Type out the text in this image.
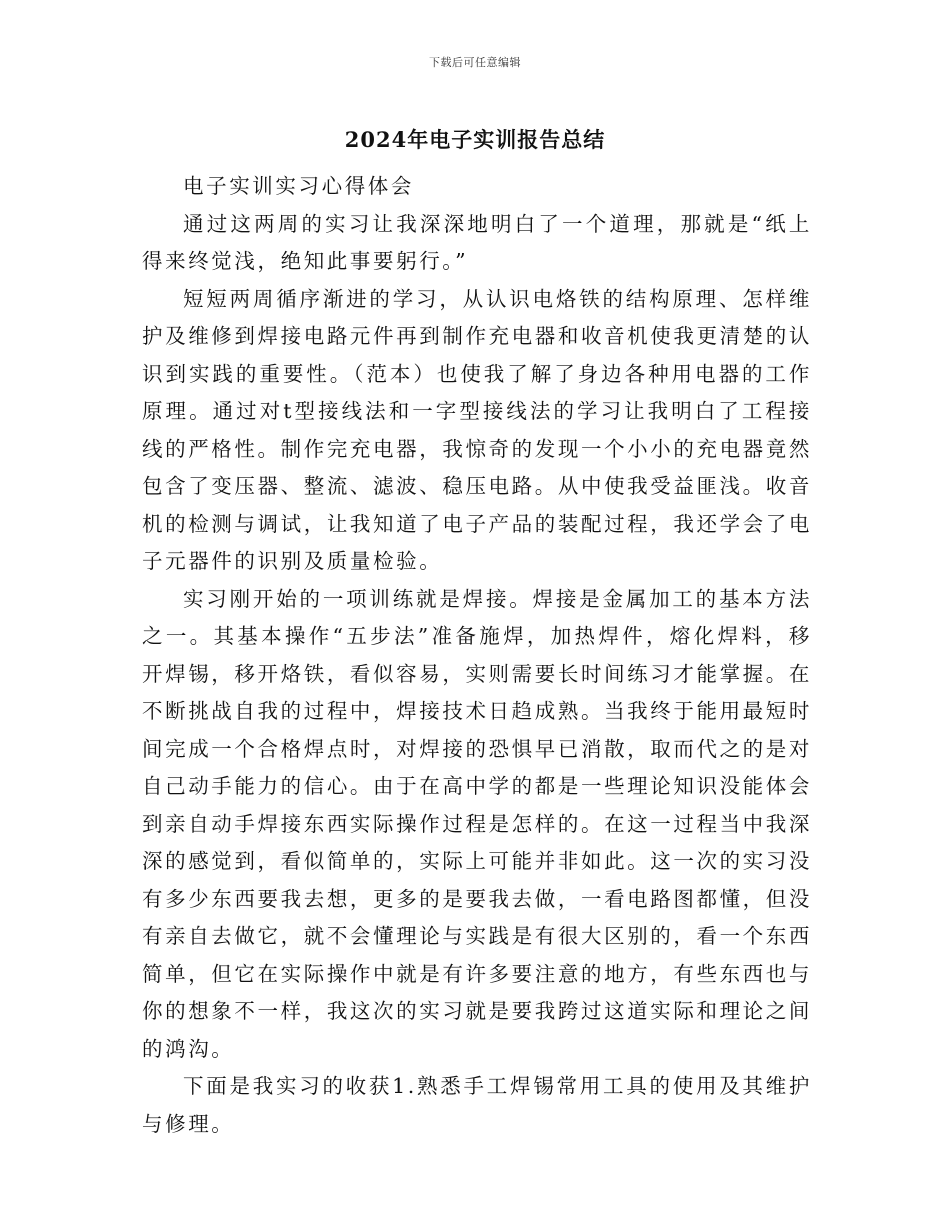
下载后可任意编辑
2024年电子实训报告总结

电子实训实习心得体会

通过这两周的实习让我深深地明白了一个道理，那就是“纸上得来终觉浅，绝知此事要躬行。”

短短两周循序渐进的学习，从认识电烙铁的结构原理、怎样维护及维修到焊接电路元件再到制作充电器和收音机使我更清楚的认识到实践的重要性。（范本）也使我了解了身边各种用电器的工作原理。通过对t型接线法和一字型接线法的学习让我明白了工程接线的严格性。制作完充电器，我惊奇的发现一个小小的充电器竟然包含了变压器、整流、滤波、稳压电路。从中使我受益匪浅。收音机的检测与调试，让我知道了电子产品的装配过程，我还学会了电子元器件的识别及质量检验。

实习刚开始的一项训练就是焊接。焊接是金属加工的基本方法之一。其基本操作“五步法”准备施焊，加热焊件，熔化焊料，移开焊锡，移开烙铁，看似容易，实则需要长时间练习才能掌握。在不断挑战自我的过程中，焊接技术日趋成熟。当我终于能用最短时间完成一个合格焊点时，对焊接的恐惧早已消散，取而代之的是对自己动手能力的信心。由于在高中学的都是一些理论知识没能体会到亲自动手焊接东西实际操作过程是怎样的。在这一过程当中我深深的感觉到，看似简单的，实际上可能并非如此。这一次的实习没有多少东西要我去想，更多的是要我去做，一看电路图都懂，但没有亲自去做它，就不会懂理论与实践是有很大区别的，看一个东西简单，但它在实际操作中就是有许多要注意的地方，有些东西也与你的想象不一样，我这次的实习就是要我跨过这道实际和理论之间的鸿沟。

下面是我实习的收获1.熟悉手工焊锡常用工具的使用及其维护与修理。
